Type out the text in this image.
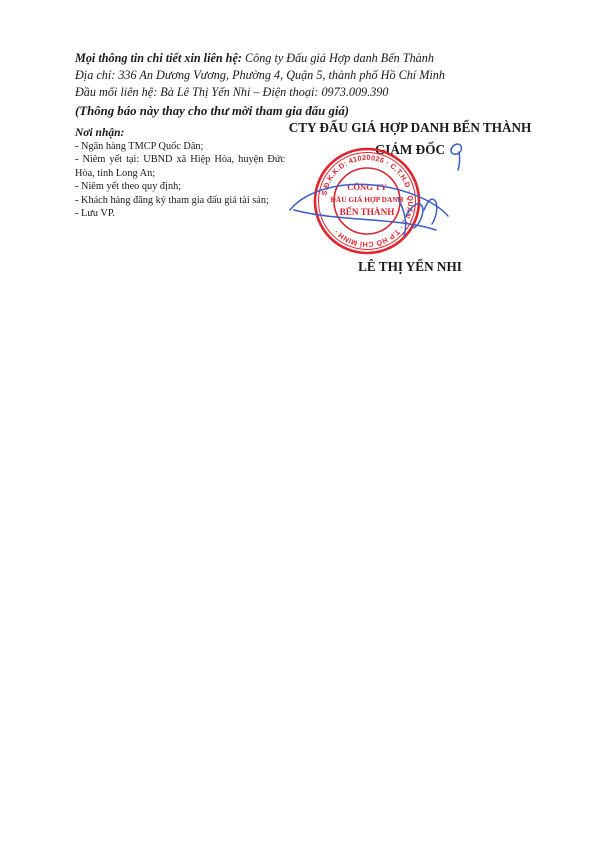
Mọi thông tin chi tiết xin liên hệ: Công ty Đấu giá Hợp danh Bến Thành
Địa chỉ: 336 An Dương Vương, Phường 4, Quận 5, thành phố Hồ Chí Minh
Đầu mối liên hệ: Bà Lê Thị Yến Nhi – Điện thoại: 0973.009.390
(Thông báo này thay cho thư mời tham gia đấu giá)
Nơi nhận:
- Ngân hàng TMCP Quốc Dân;
- Niêm yết tại: UBND xã Hiệp Hòa, huyện Đức Hòa, tỉnh Long An;
- Niêm yết theo quy định;
- Khách hàng đăng ký tham gia đấu giá tài sản;
- Lưu VP.
CTY ĐẤU GIÁ HỢP DANH BẾN THÀNH
GIÁM ĐỐC
LÊ THỊ YẾN NHI
S.Đ.K.K.D: 41020026 · C.T.H.D · QUẬN 5 · T.P HỒ CHÍ MINH ·
CÔNG TY
ĐẤU GIÁ HỢP DANH
BẾN THÀNH
